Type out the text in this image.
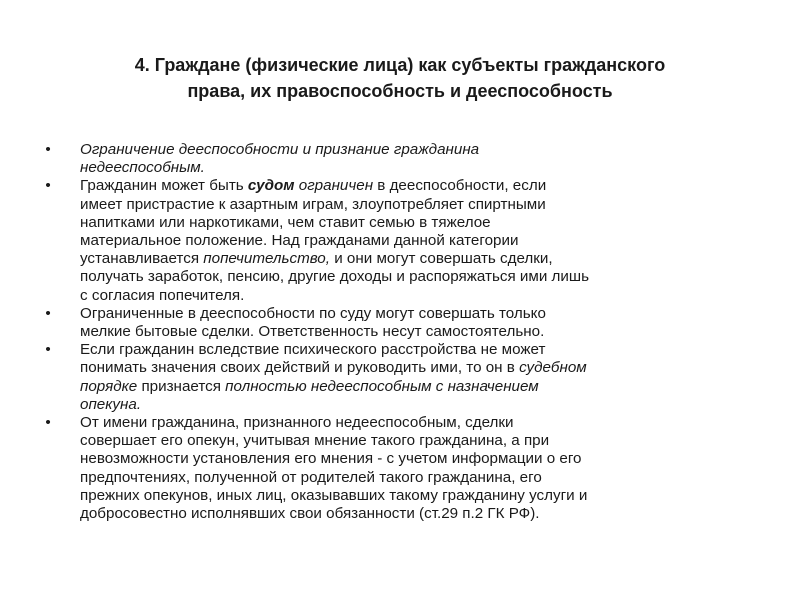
4. Граждане (физические лица) как субъекты гражданского
права, их правоспособность и дееспособность
• Ограничение дееспособности и признание гражданина
недееспособным.
• Гражданин может быть судом ограничен в дееспособности, если
имеет пристрастие к азартным играм, злоупотребляет спиртными
напитками или наркотиками, чем ставит семью в тяжелое
материальное положение. Над гражданами данной категории
устанавливается попечительство, и они могут совершать сделки,
получать заработок, пенсию, другие доходы и распоряжаться ими лишь
с согласия попечителя.
• Ограниченные в дееспособности по суду могут совершать только
мелкие бытовые сделки. Ответственность несут самостоятельно.
• Если гражданин вследствие психического расстройства не может
понимать значения своих действий и руководить ими, то он в судебном
порядке признается полностью недееспособным с назначением
опекуна.
• От имени гражданина, признанного недееспособным, сделки
совершает его опекун, учитывая мнение такого гражданина, а при
невозможности установления его мнения - с учетом информации о его
предпочтениях, полученной от родителей такого гражданина, его
прежних опекунов, иных лиц, оказывавших такому гражданину услуги и
добросовестно исполнявших свои обязанности (ст.29 п.2 ГК РФ).
